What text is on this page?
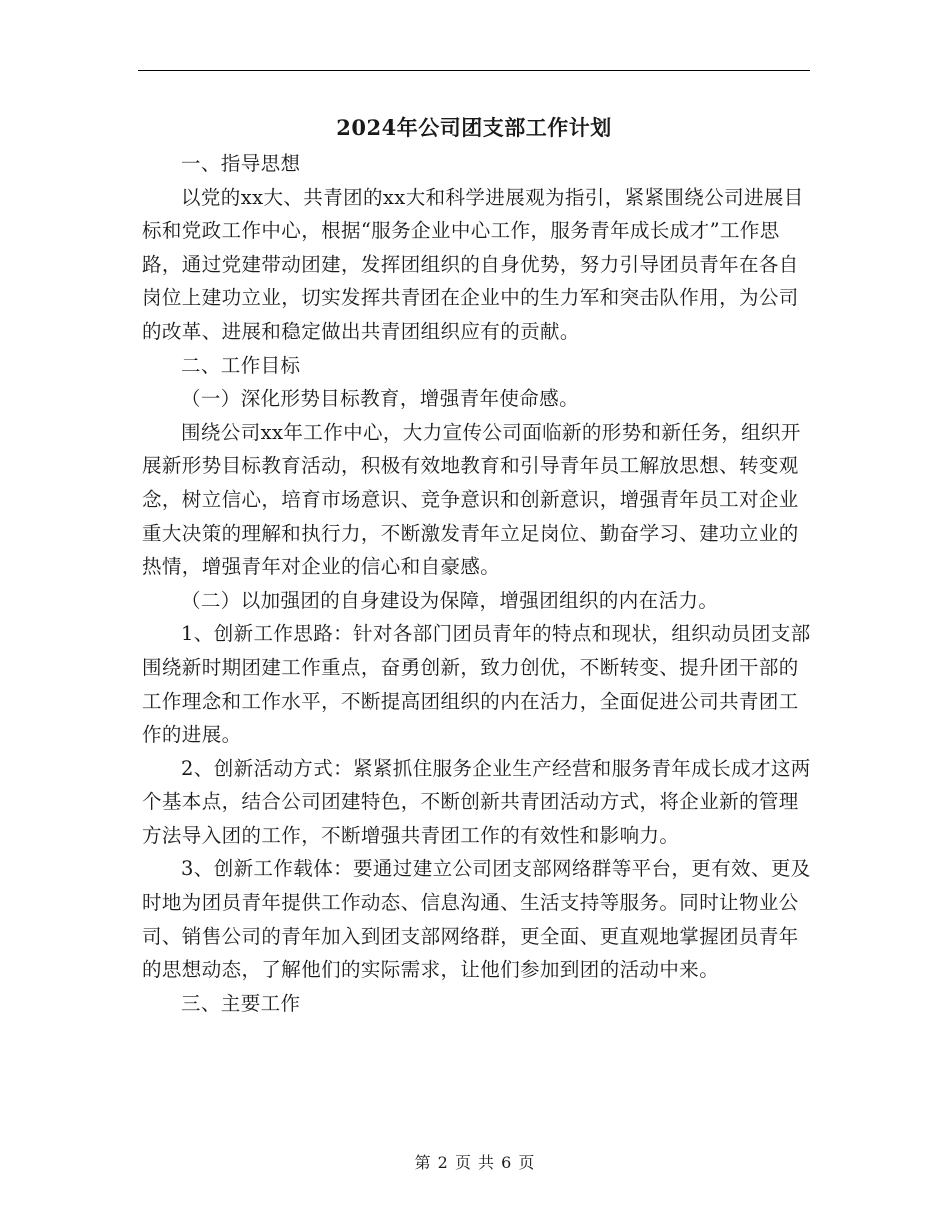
2024年公司团支部工作计划

一、指导思想

以党的xx大、共青团的xx大和科学进展观为指引，紧紧围绕公司进展目标和党政工作中心，根据“服务企业中心工作，服务青年成长成才”工作思路，通过党建带动团建，发挥团组织的自身优势，努力引导团员青年在各自岗位上建功立业，切实发挥共青团在企业中的生力军和突击队作用，为公司的改革、进展和稳定做出共青团组织应有的贡献。

二、工作目标

（一）深化形势目标教育，增强青年使命感。

围绕公司xx年工作中心，大力宣传公司面临新的形势和新任务，组织开展新形势目标教育活动，积极有效地教育和引导青年员工解放思想、转变观念，树立信心，培育市场意识、竞争意识和创新意识，增强青年员工对企业重大决策的理解和执行力，不断激发青年立足岗位、勤奋学习、建功立业的热情，增强青年对企业的信心和自豪感。

（二）以加强团的自身建设为保障，增强团组织的内在活力。

1、创新工作思路：针对各部门团员青年的特点和现状，组织动员团支部围绕新时期团建工作重点，奋勇创新，致力创优，不断转变、提升团干部的工作理念和工作水平，不断提高团组织的内在活力，全面促进公司共青团工作的进展。

2、创新活动方式：紧紧抓住服务企业生产经营和服务青年成长成才这两个基本点，结合公司团建特色，不断创新共青团活动方式，将企业新的管理方法导入团的工作，不断增强共青团工作的有效性和影响力。

3、创新工作载体：要通过建立公司团支部网络群等平台，更有效、更及时地为团员青年提供工作动态、信息沟通、生活支持等服务。同时让物业公司、销售公司的青年加入到团支部网络群，更全面、更直观地掌握团员青年的思想动态，了解他们的实际需求，让他们参加到团的活动中来。

三、主要工作

第 2 页 共 6 页
